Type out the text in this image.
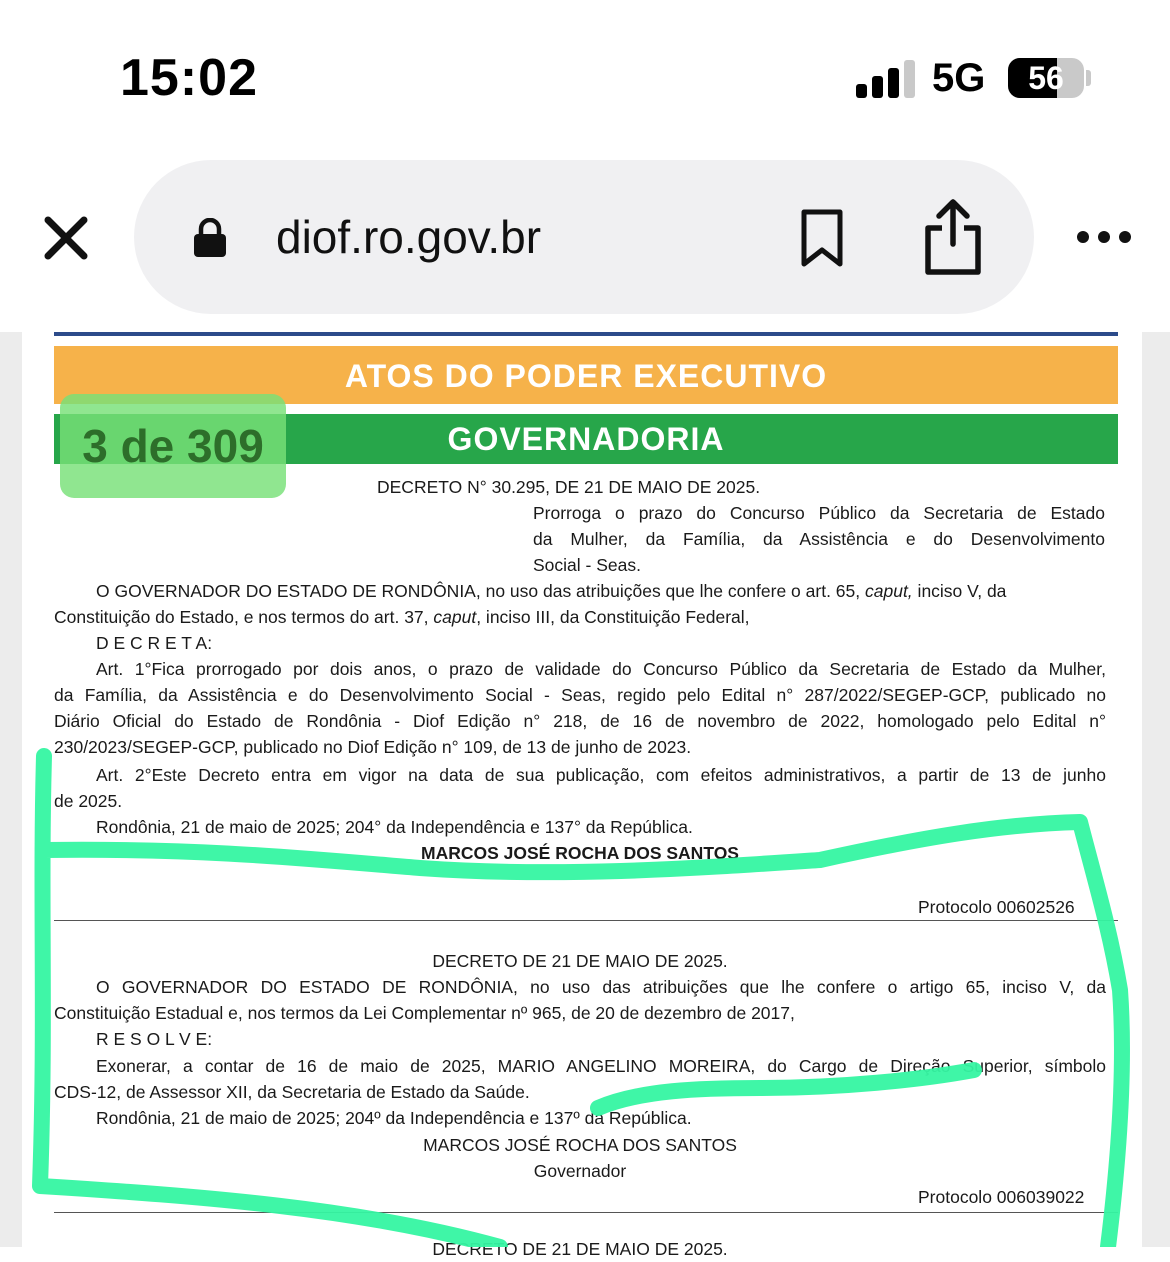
15:02	5G	56
diof.ro.gov.br
ATOS DO PODER EXECUTIVO
GOVERNADORIA
3 de 309
DECRETO N° 30.295, DE 21 DE MAIO DE 2025.
Prorroga o prazo do Concurso Público da Secretaria de Estado
da Mulher, da Família, da Assistência e do Desenvolvimento
Social - Seas.
O GOVERNADOR DO ESTADO DE RONDÔNIA, no uso das atribuições que lhe confere o art. 65, caput, inciso V, da
Constituição do Estado, e nos termos do art. 37, caput, inciso III, da Constituição Federal,
D E C R E T A:
Art. 1°Fica prorrogado por dois anos, o prazo de validade do Concurso Público da Secretaria de Estado da Mulher,
da Família, da Assistência e do Desenvolvimento Social - Seas, regido pelo Edital n° 287/2022/SEGEP-GCP, publicado no
Diário Oficial do Estado de Rondônia - Diof Edição n° 218, de 16 de novembro de 2022, homologado pelo Edital n°
230/2023/SEGEP-GCP, publicado no Diof Edição n° 109, de 13 de junho de 2023.
Art. 2°Este Decreto entra em vigor na data de sua publicação, com efeitos administrativos, a partir de 13 de junho
de 2025.
Rondônia, 21 de maio de 2025; 204° da Independência e 137° da República.
MARCOS JOSÉ ROCHA DOS SANTOS
Protocolo 00602526
DECRETO DE 21 DE MAIO DE 2025.
O GOVERNADOR DO ESTADO DE RONDÔNIA, no uso das atribuições que lhe confere o artigo 65, inciso V, da
Constituição Estadual e, nos termos da Lei Complementar nº 965, de 20 de dezembro de 2017,
R E S O L V E:
Exonerar, a contar de 16 de maio de 2025, MARIO ANGELINO MOREIRA, do Cargo de Direção Superior, símbolo
CDS-12, de Assessor XII, da Secretaria de Estado da Saúde.
Rondônia, 21 de maio de 2025; 204º da Independência e 137º da República.
MARCOS JOSÉ ROCHA DOS SANTOS
Governador
Protocolo 006039022
DECRETO DE 21 DE MAIO DE 2025.
